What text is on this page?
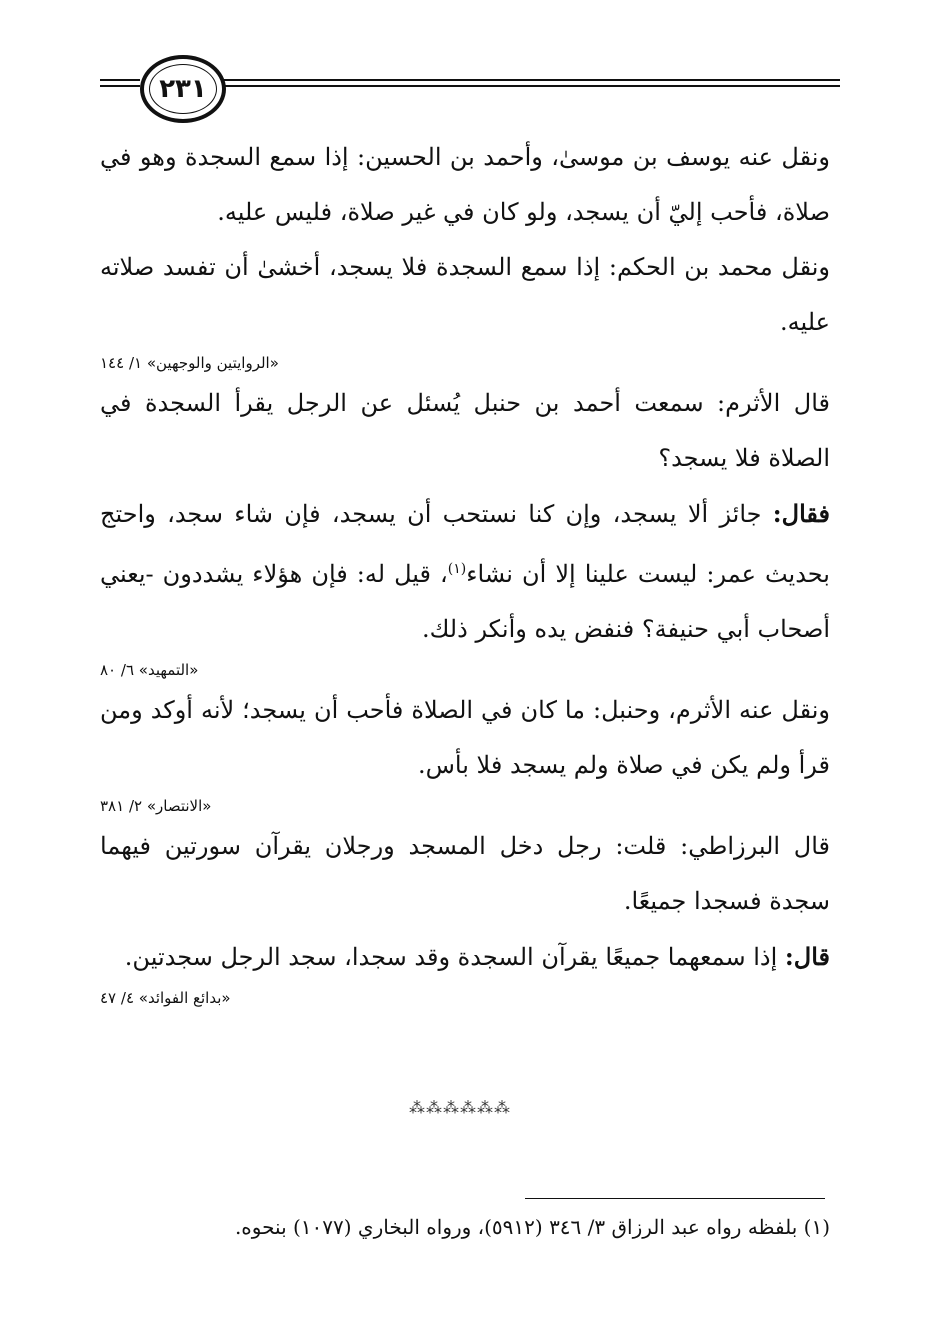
٢٣١

ونقل عنه يوسف بن موسىٰ، وأحمد بن الحسين: إذا سمع السجدة وهو في صلاة، فأحب إليّ أن يسجد، ولو كان في غير صلاة، فليس عليه.

ونقل محمد بن الحكم: إذا سمع السجدة فلا يسجد، أخشىٰ أن تفسد صلاته عليه.

«الروايتين والوجهين» ١/ ١٤٤

قال الأثرم: سمعت أحمد بن حنبل يُسئل عن الرجل يقرأ السجدة في الصلاة فلا يسجد؟

فقال: جائز ألا يسجد، وإن كنا نستحب أن يسجد، فإن شاء سجد، واحتج بحديث عمر: ليست علينا إلا أن نشاء$^{(١)}$، قيل له: فإن هؤلاء يشددون -يعني أصحاب أبي حنيفة؟ فنفض يده وأنكر ذلك.

«التمهيد» ٦/ ٨٠

ونقل عنه الأثرم، وحنبل: ما كان في الصلاة فأحب أن يسجد؛ لأنه أوكد ومن قرأ ولم يكن في صلاة ولم يسجد فلا بأس.

«الانتصار» ٢/ ٣٨١

قال البرزاطي: قلت: رجل دخل المسجد ورجلان يقرآن سورتين فيهما سجدة فسجدا جميعًا.

قال: إذا سمعهما جميعًا يقرآن السجدة وقد سجدا، سجد الرجل سجدتين.

«بدائع الفوائد» ٤/ ٤٧

⁂⁂⁂⁂⁂⁂
(١) بلفظه رواه عبد الرزاق ٣/ ٣٤٦ (٥٩١٢)، ورواه البخاري (١٠٧٧) بنحوه.
